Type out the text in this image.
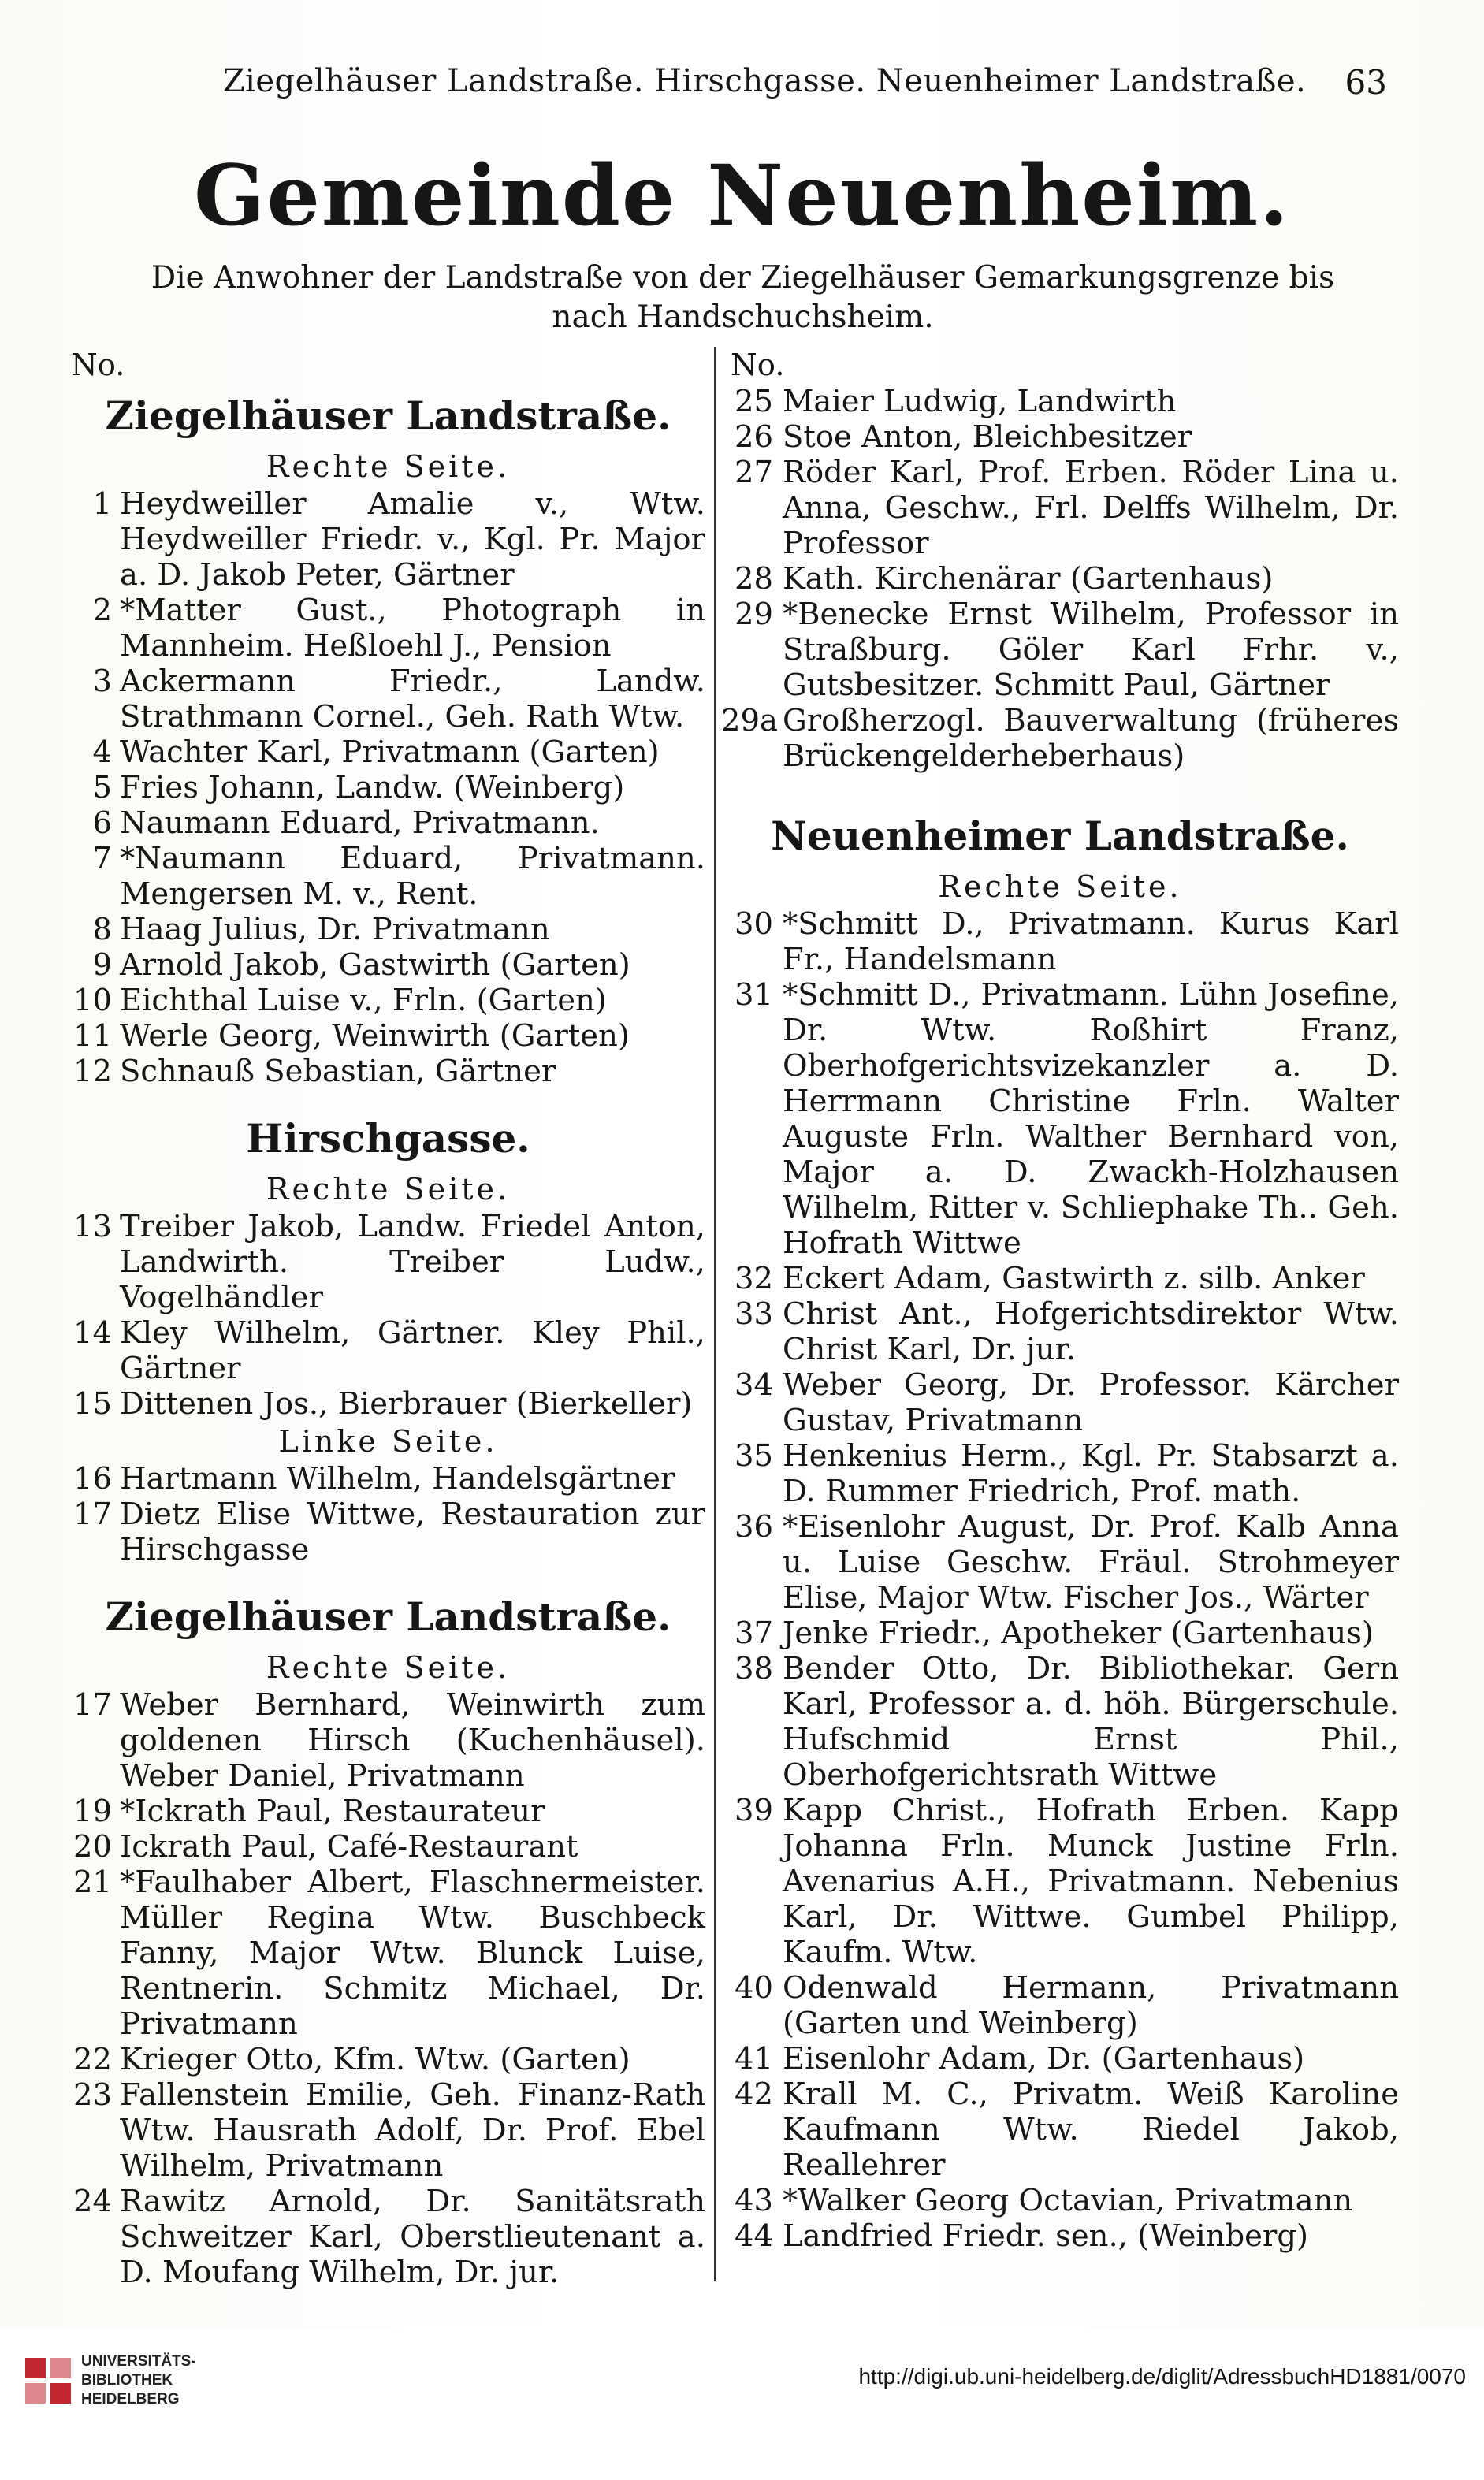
Ziegelhäuser Landstraße. Hirschgasse. Neuenheimer Landstraße.	63
Gemeinde Neuenheim.
Die Anwohner der Landstraße von der Ziegelhäuser Gemarkungsgrenze bis nach Handschuchsheim.
No.
Ziegelhäuser Landstraße.
Rechte Seite.
1 Heydweiller Amalie v., Wtw. Heydweiller Friedr. v., Kgl. Pr. Major a. D. Jakob Peter, Gärtner
2 *Matter Gust., Photograph in Mannheim. Heßloehl J., Pension
3 Ackermann Friedr., Landw. Strathmann Cornel., Geh. Rath Wtw.
4 Wachter Karl, Privatmann (Garten)
5 Fries Johann, Landw. (Weinberg)
6 Naumann Eduard, Privatmann.
7 *Naumann Eduard, Privatmann. Mengersen M. v., Rent.
8 Haag Julius, Dr. Privatmann
9 Arnold Jakob, Gastwirth (Garten)
10 Eichthal Luise v., Frln. (Garten)
11 Werle Georg, Weinwirth (Garten)
12 Schnauß Sebastian, Gärtner
Hirschgasse.
Rechte Seite.
13 Treiber Jakob, Landw. Friedel Anton, Landwirth. Treiber Ludw., Vogelhändler
14 Kley Wilhelm, Gärtner. Kley Phil., Gärtner
15 Dittenen Jos., Bierbrauer (Bierkeller)
Linke Seite.
16 Hartmann Wilhelm, Handelsgärtner
17 Dietz Elise Wittwe, Restauration zur Hirschgasse
Ziegelhäuser Landstraße.
Rechte Seite.
17 Weber Bernhard, Weinwirth zum goldenen Hirsch (Kuchenhäusel). Weber Daniel, Privatmann
19 *Ickrath Paul, Restaurateur
20 Ickrath Paul, Café-Restaurant
21 *Faulhaber Albert, Flaschnermeister. Müller Regina Wtw. Buschbeck Fanny, Major Wtw. Blunck Luise, Rentnerin. Schmitz Michael, Dr. Privatmann
22 Krieger Otto, Kfm. Wtw. (Garten)
23 Fallenstein Emilie, Geh. Finanz-Rath Wtw. Hausrath Adolf, Dr. Prof. Ebel Wilhelm, Privatmann
24 Rawitz Arnold, Dr. Sanitätsrath Schweitzer Karl, Oberstlieutenant a. D. Moufang Wilhelm, Dr. jur.
No.
25 Maier Ludwig, Landwirth
26 Stoe Anton, Bleichbesitzer
27 Röder Karl, Prof. Erben. Röder Lina u. Anna, Geschw., Frl. Delffs Wilhelm, Dr. Professor
28 Kath. Kirchenärar (Gartenhaus)
29 *Benecke Ernst Wilhelm, Professor in Straßburg. Göler Karl Frhr. v., Gutsbesitzer. Schmitt Paul, Gärtner
29a Großherzogl. Bauverwaltung (früheres Brückengelderheberhaus)
Neuenheimer Landstraße.
Rechte Seite.
30 *Schmitt D., Privatmann. Kurus Karl Fr., Handelsmann
31 *Schmitt D., Privatmann. Lühn Josefine, Dr. Wtw. Roßhirt Franz, Oberhofgerichtsvizekanzler a. D. Herrmann Christine Frln. Walter Auguste Frln. Walther Bernhard von, Major a. D. Zwackh-Holzhausen Wilhelm, Ritter v. Schliephake Th.. Geh. Hofrath Wittwe
32 Eckert Adam, Gastwirth z. silb. Anker
33 Christ Ant., Hofgerichtsdirektor Wtw. Christ Karl, Dr. jur.
34 Weber Georg, Dr. Professor. Kärcher Gustav, Privatmann
35 Henkenius Herm., Kgl. Pr. Stabsarzt a. D. Rummer Friedrich, Prof. math.
36 *Eisenlohr August, Dr. Prof. Kalb Anna u. Luise Geschw. Fräul. Strohmeyer Elise, Major Wtw. Fischer Jos., Wärter
37 Jenke Friedr., Apotheker (Gartenhaus)
38 Bender Otto, Dr. Bibliothekar. Gern Karl, Professor a. d. höh. Bürgerschule. Hufschmid Ernst Phil., Oberhofgerichtsrath Wittwe
39 Kapp Christ., Hofrath Erben. Kapp Johanna Frln. Munck Justine Frln. Avenarius A.H., Privatmann. Nebenius Karl, Dr. Wittwe. Gumbel Philipp, Kaufm. Wtw.
40 Odenwald Hermann, Privatmann (Garten und Weinberg)
41 Eisenlohr Adam, Dr. (Gartenhaus)
42 Krall M. C., Privatm. Weiß Karoline Kaufmann Wtw. Riedel Jakob, Reallehrer
43 *Walker Georg Octavian, Privatmann
44 Landfried Friedr. sen., (Weinberg)
UNIVERSITÄTS-
BIBLIOTHEK
HEIDELBERG
http://digi.ub.uni-heidelberg.de/diglit/AdressbuchHD1881/0070
